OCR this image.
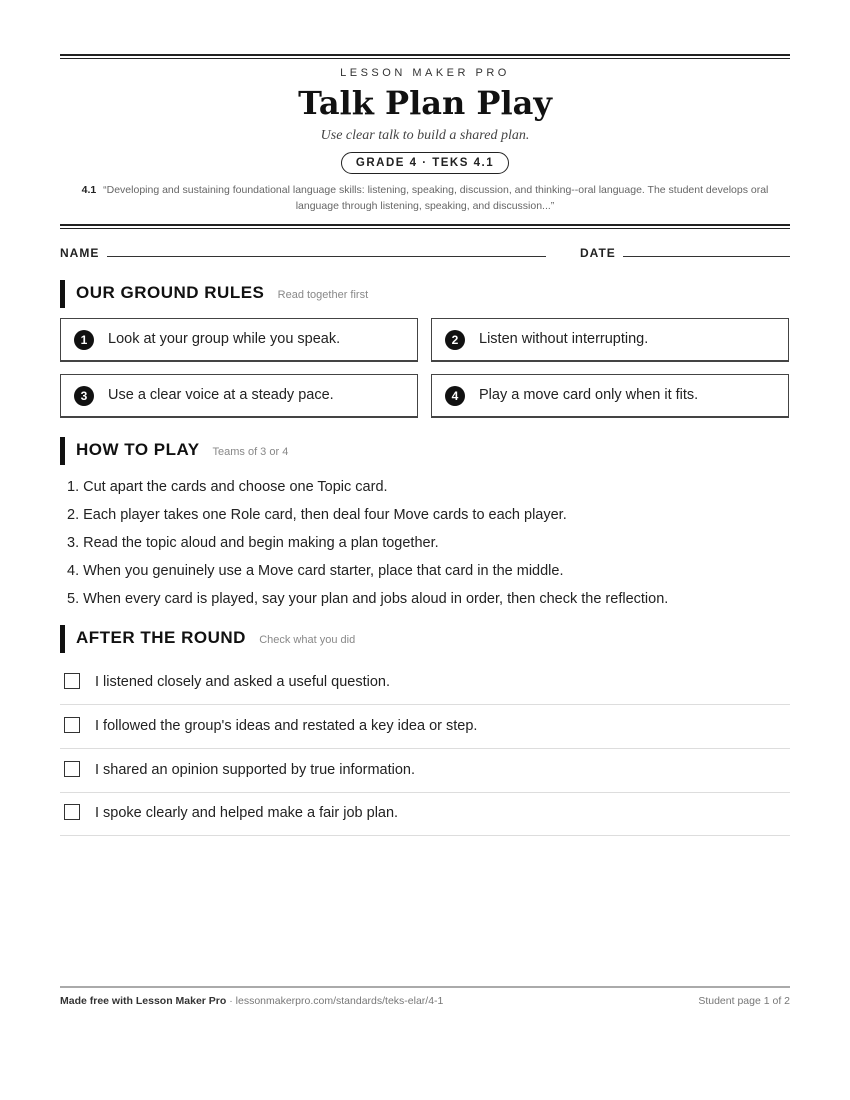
LESSON MAKER PRO
Talk Plan Play
Use clear talk to build a shared plan.
GRADE 4 · TEKS 4.1
4.1 “Developing and sustaining foundational language skills: listening, speaking, discussion, and thinking--oral language. The student develops oral language through listening, speaking, and discussion...”
NAME	DATE
OUR GROUND RULES Read together first
1	Look at your group while you speak.	2	Listen without interrupting.
3	Use a clear voice at a steady pace.	4	Play a move card only when it fits.
HOW TO PLAY Teams of 3 or 4
1. Cut apart the cards and choose one Topic card.
2. Each player takes one Role card, then deal four Move cards to each player.
3. Read the topic aloud and begin making a plan together.
4. When you genuinely use a Move card starter, place that card in the middle.
5. When every card is played, say your plan and jobs aloud in order, then check the reflection.
AFTER THE ROUND Check what you did
I listened closely and asked a useful question.
I followed the group's ideas and restated a key idea or step.
I shared an opinion supported by true information.
I spoke clearly and helped make a fair job plan.
Made free with Lesson Maker Pro · lessonmakerpro.com/standards/teks-elar/4-1	Student page 1 of 2
